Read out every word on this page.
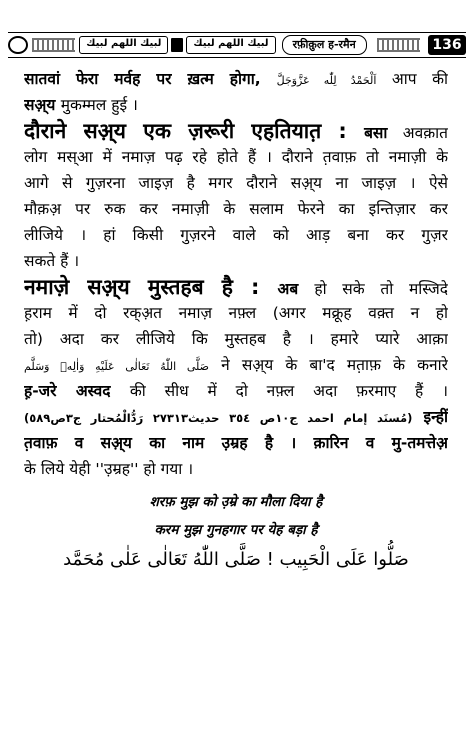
لبيك اللهم لبيك	لبيك اللهم لبيك	रफ़ीक़ुल ह-रमैन	136
सातवां फेरा मर्वह पर ख़त्म होगा, اَلْحَمْدُ لِلّٰه عَزَّوَجَلَّ आप की
सअ़्य मुकम्मल हुई ।
दौराने सअ़्य एक ज़रूरी एहतियात़ : बसा अवक़ात
लोग मस्आ में नमाज़ पढ़ रहे होते हैं । दौराने त़वाफ़ तो नमाज़ी के
आगे से गुज़रना जाइज़ है मगर दौराने सअ़्य ना जाइज़ । ऐसे
मौक़अ़ पर रुक कर नमाज़ी के सलाम फेरने का इन्तिज़ार कर
लीजिये । हां किसी गुज़रने वाले को आड़ बना कर गुज़र
सकते हैं ।
नमाज़े सअ़्य मुस्तहब है : अब हो सके तो मस्जिदे
ह़राम में दो रक्अ़त नमाज़ नफ़्ल (अगर मक्रूह वक़्त न हो
तो) अदा कर लीजिये कि मुस्तहब है । हमारे प्यारे आक़ा
صَلَّى اللّٰهُ تَعَالٰى عَلَيْهِ وَاٰلِهٖ وَسَلَّم ने सअ़्य के बा'द मत़ाफ़ के कनारे
ह़-जरे अस्वद की सीध में दो नफ़्ल अदा फ़रमाए हैं ।
(مُسنَد إمام احمد ج١٠ص ٣٥٤ حديث٢٧٣١٣ رَدُّالْمُحتار ج٣ص٥٨٩) इन्हीं
त़वाफ़ व सअ़्य का नाम उ़म्रह है । क़ारिन व मु-तमत्तेअ़
के लिये येही ''उ़म्रह'' हो गया ।
शरफ़ मुझ को उ़म्रे का मौला दिया है
करम मुझ गुनहगार पर येह बड़ा है
صَلُّوا عَلَى الْحَبِيب ! صَلَّى اللّٰهُ تَعَالٰى عَلٰى مُحَمَّد
